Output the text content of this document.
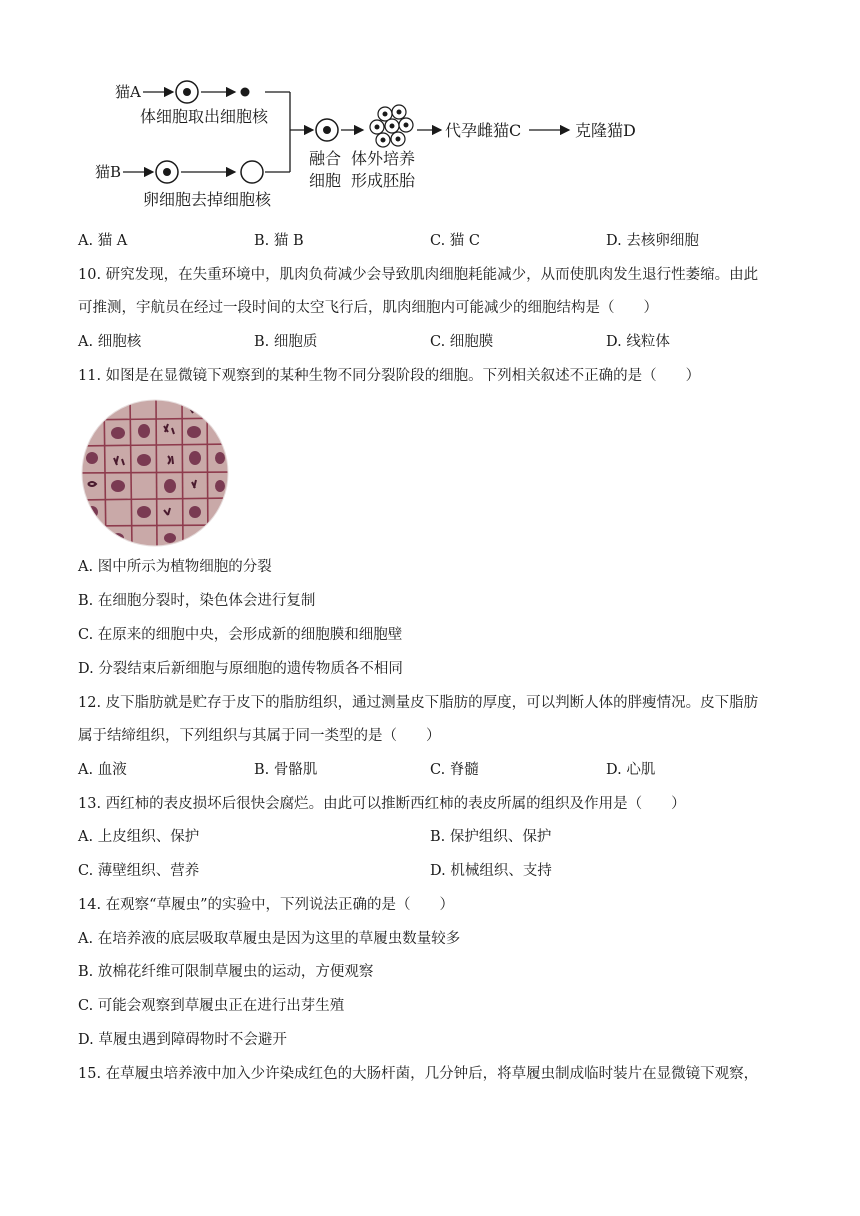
猫A
体细胞取出细胞核
猫B
卵细胞去掉细胞核
融合
细胞
体外培养
形成胚胎
代孕雌猫C	克隆猫D
A. 猫 A	B. 猫 B	C. 猫 C	D. 去核卵细胞
10. 研究发现，在失重环境中，肌肉负荷减少会导致肌肉细胞耗能减少，从而使肌肉发生退行性萎缩。由此
可推测，宇航员在经过一段时间的太空飞行后，肌肉细胞内可能减少的细胞结构是（　　）
A. 细胞核	B. 细胞质	C. 细胞膜	D. 线粒体
11. 如图是在显微镜下观察到的某种生物不同分裂阶段的细胞。下列相关叙述不正确的是（　　）
A. 图中所示为植物细胞的分裂
B. 在细胞分裂时，染色体会进行复制
C. 在原来的细胞中央，会形成新的细胞膜和细胞壁
D. 分裂结束后新细胞与原细胞的遗传物质各不相同
12. 皮下脂肪就是贮存于皮下的脂肪组织，通过测量皮下脂肪的厚度，可以判断人体的胖瘦情况。皮下脂肪
属于结缔组织，下列组织与其属于同一类型的是（　　）
A. 血液	B. 骨骼肌	C. 脊髓	D. 心肌
13. 西红柿的表皮损坏后很快会腐烂。由此可以推断西红柿的表皮所属的组织及作用是（　　）
A. 上皮组织、保护	B. 保护组织、保护
C. 薄壁组织、营养	D. 机械组织、支持
14. 在观察“草履虫”的实验中，下列说法正确的是（　　）
A. 在培养液的底层吸取草履虫是因为这里的草履虫数量较多
B. 放棉花纤维可限制草履虫的运动，方便观察
C. 可能会观察到草履虫正在进行出芽生殖
D. 草履虫遇到障碍物时不会避开
15. 在草履虫培养液中加入少许染成红色的大肠杆菌，几分钟后，将草履虫制成临时装片在显微镜下观察，
